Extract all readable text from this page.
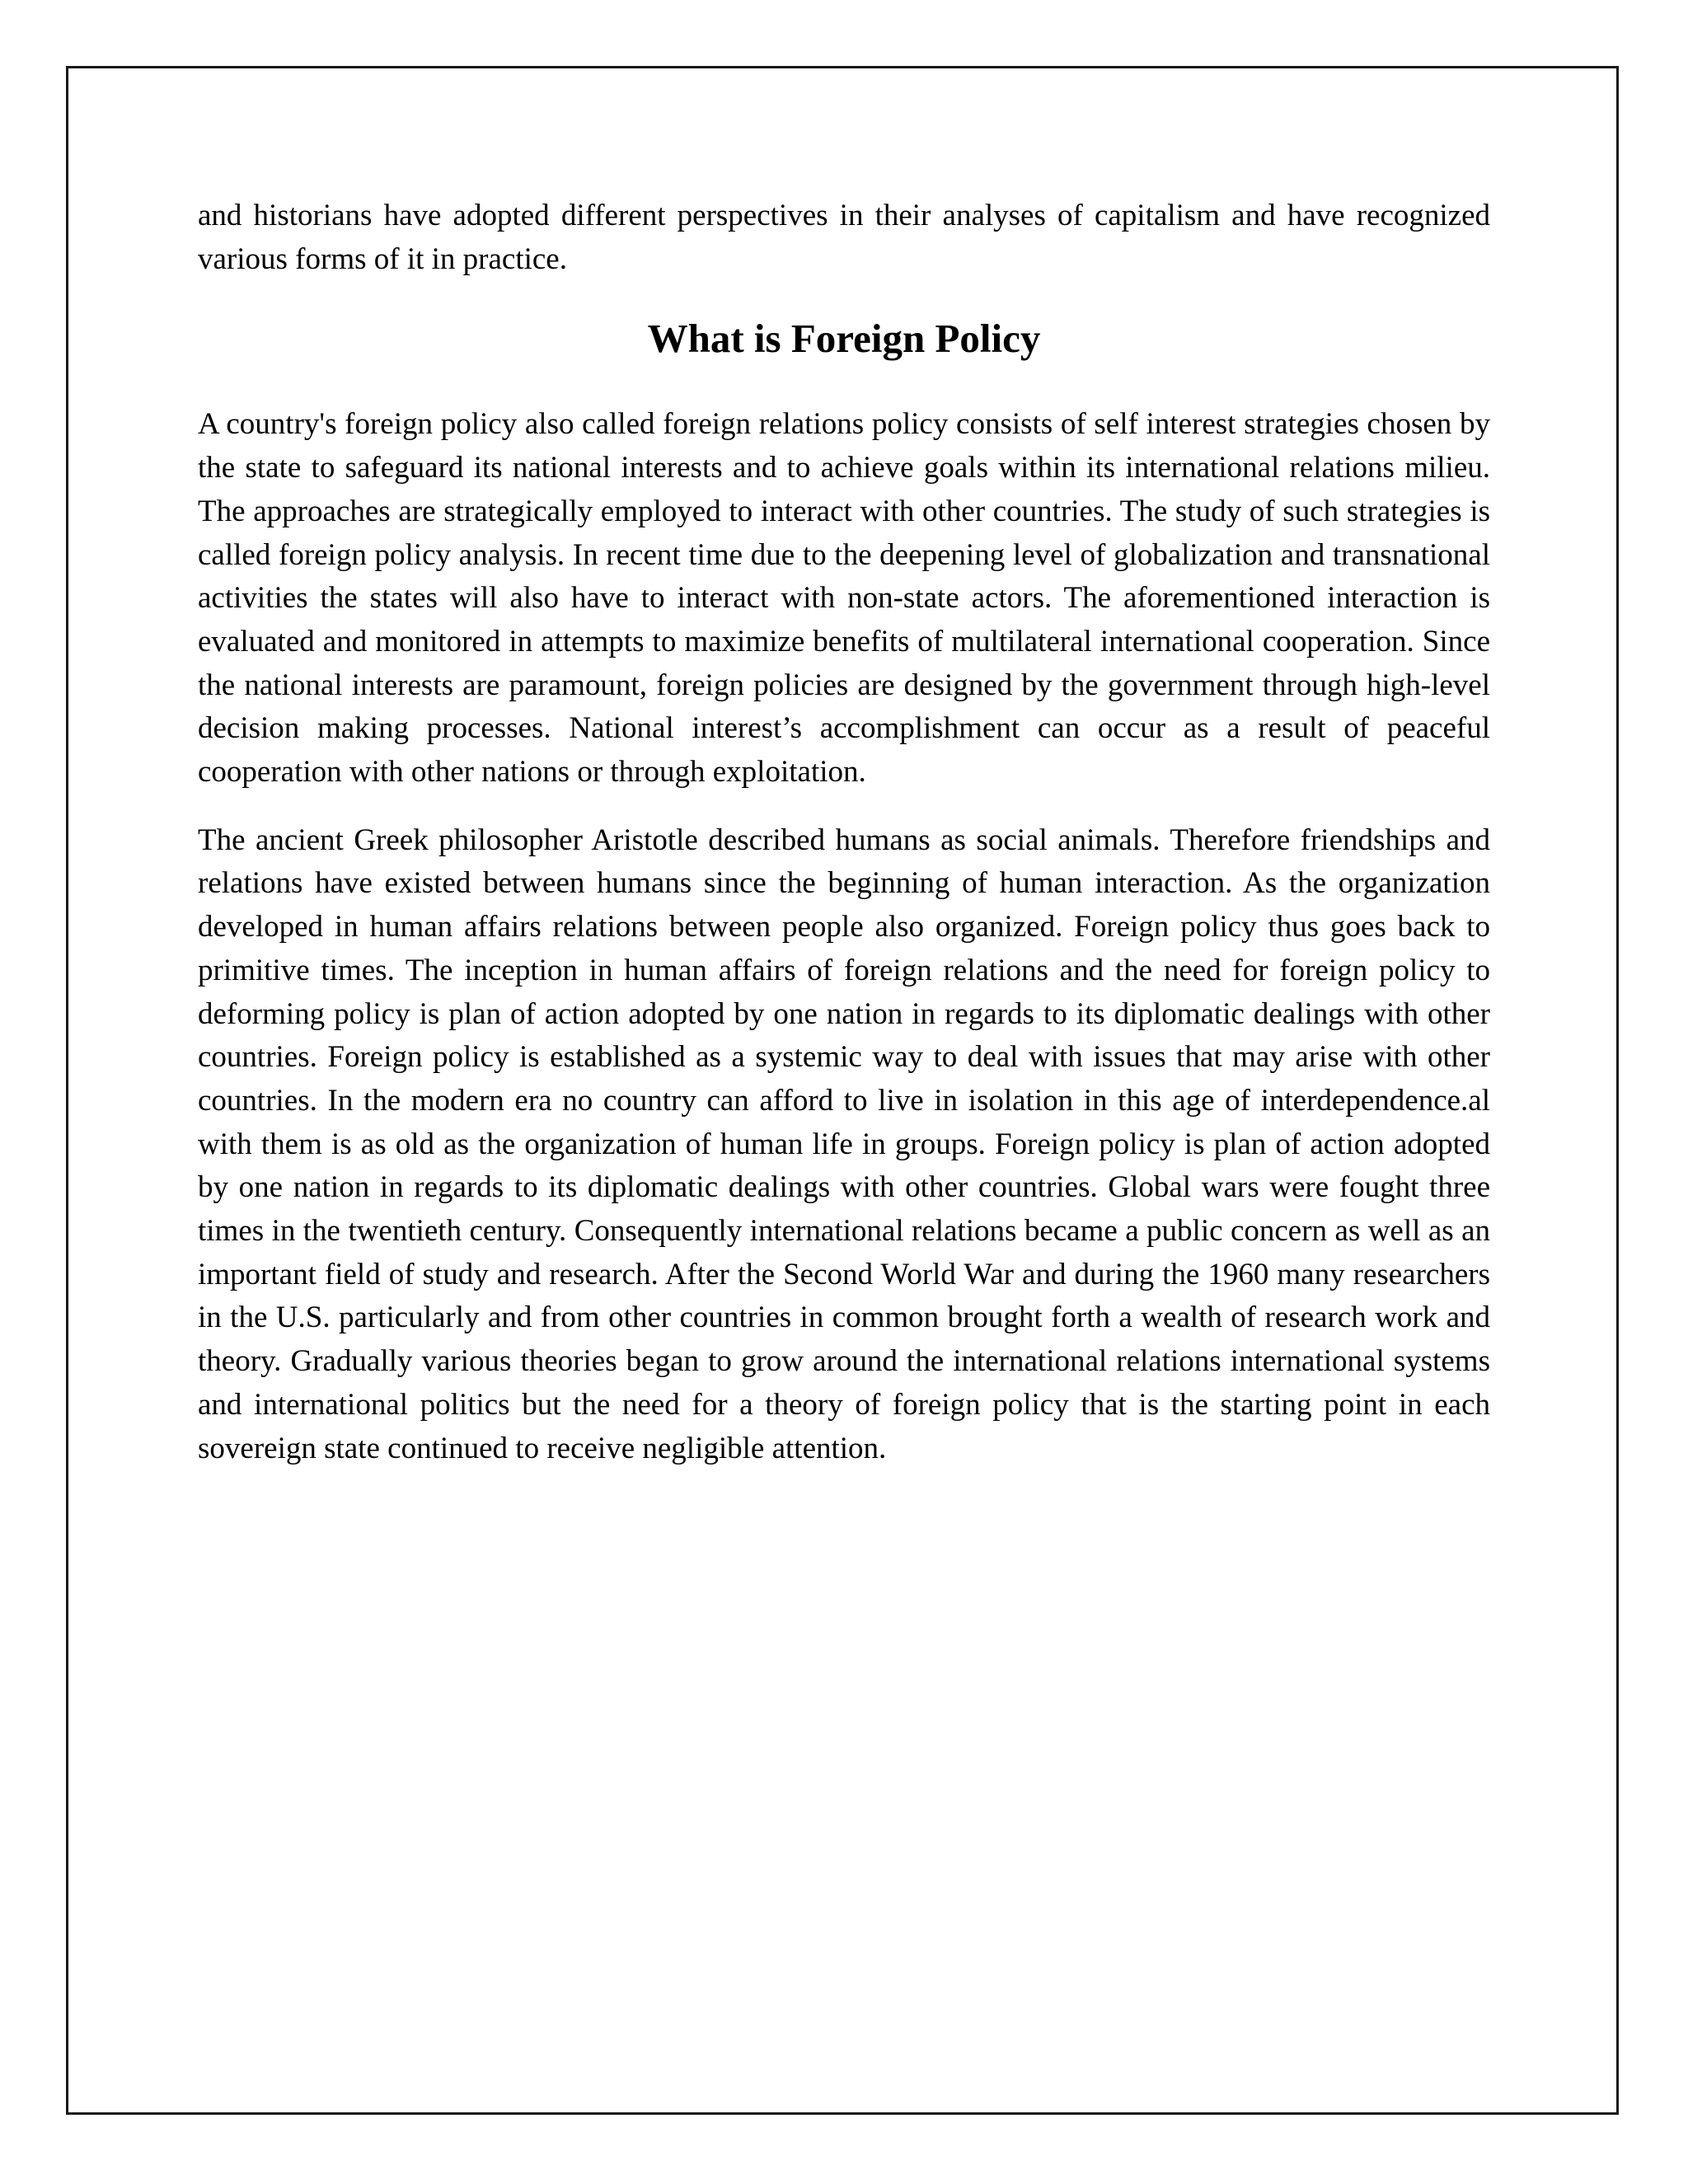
and historians have adopted different perspectives in their analyses of capitalism and have recognized various forms of it in practice.

What is Foreign Policy

A country's foreign policy also called foreign relations policy consists of self interest strategies chosen by the state to safeguard its national interests and to achieve goals within its international relations milieu. The approaches are strategically employed to interact with other countries. The study of such strategies is called foreign policy analysis. In recent time due to the deepening level of globalization and transnational activities the states will also have to interact with non-state actors. The aforementioned interaction is evaluated and monitored in attempts to maximize benefits of multilateral international cooperation. Since the national interests are paramount, foreign policies are designed by the government through high-level decision making processes. National interest’s accomplishment can occur as a result of peaceful cooperation with other nations or through exploitation.

The ancient Greek philosopher Aristotle described humans as social animals. Therefore friendships and relations have existed between humans since the beginning of human interaction. As the organization developed in human affairs relations between people also organized. Foreign policy thus goes back to primitive times. The inception in human affairs of foreign relations and the need for foreign policy to deforming policy is plan of action adopted by one nation in regards to its diplomatic dealings with other countries. Foreign policy is established as a systemic way to deal with issues that may arise with other countries. In the modern era no country can afford to live in isolation in this age of interdependence.al with them is as old as the organization of human life in groups. Foreign policy is plan of action adopted by one nation in regards to its diplomatic dealings with other countries. Global wars were fought three times in the twentieth century. Consequently international relations became a public concern as well as an important field of study and research. After the Second World War and during the 1960 many researchers in the U.S. particularly and from other countries in common brought forth a wealth of research work and theory. Gradually various theories began to grow around the international relations international systems and international politics but the need for a theory of foreign policy that is the starting point in each sovereign state continued to receive negligible attention.
